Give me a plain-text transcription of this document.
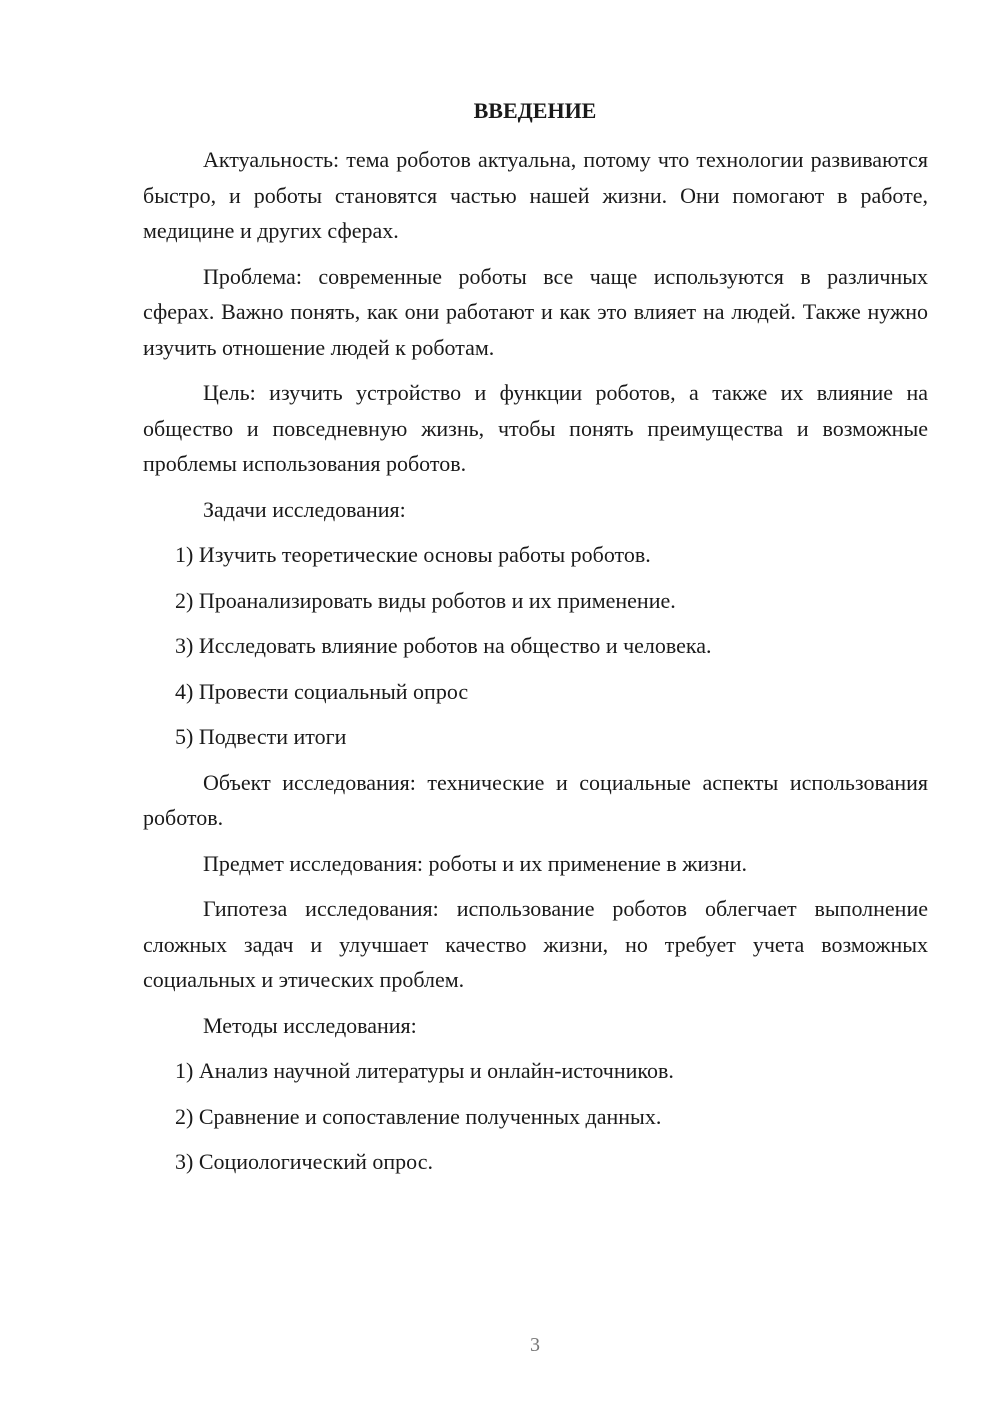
ВВЕДЕНИЕ

Актуальность: тема роботов актуальна, потому что технологии развиваются быстро, и роботы становятся частью нашей жизни. Они помогают в работе, медицине и других сферах.

Проблема: современные роботы все чаще используются в различных сферах. Важно понять, как они работают и как это влияет на людей. Также нужно изучить отношение людей к роботам.

Цель: изучить устройство и функции роботов, а также их влияние на общество и повседневную жизнь, чтобы понять преимущества и возможные проблемы использования роботов.

Задачи исследования:

1) Изучить теоретические основы работы роботов.

2) Проанализировать виды роботов и их применение.

3) Исследовать влияние роботов на общество и человека.

4) Провести социальный опрос

5) Подвести итоги

Объект исследования: технические и социальные аспекты использования роботов.

Предмет исследования: роботы и их применение в жизни.

Гипотеза исследования: использование роботов облегчает выполнение сложных задач и улучшает качество жизни, но требует учета возможных социальных и этических проблем.

Методы исследования:

1) Анализ научной литературы и онлайн-источников.

2) Сравнение и сопоставление полученных данных.

3) Социологический опрос.

3
